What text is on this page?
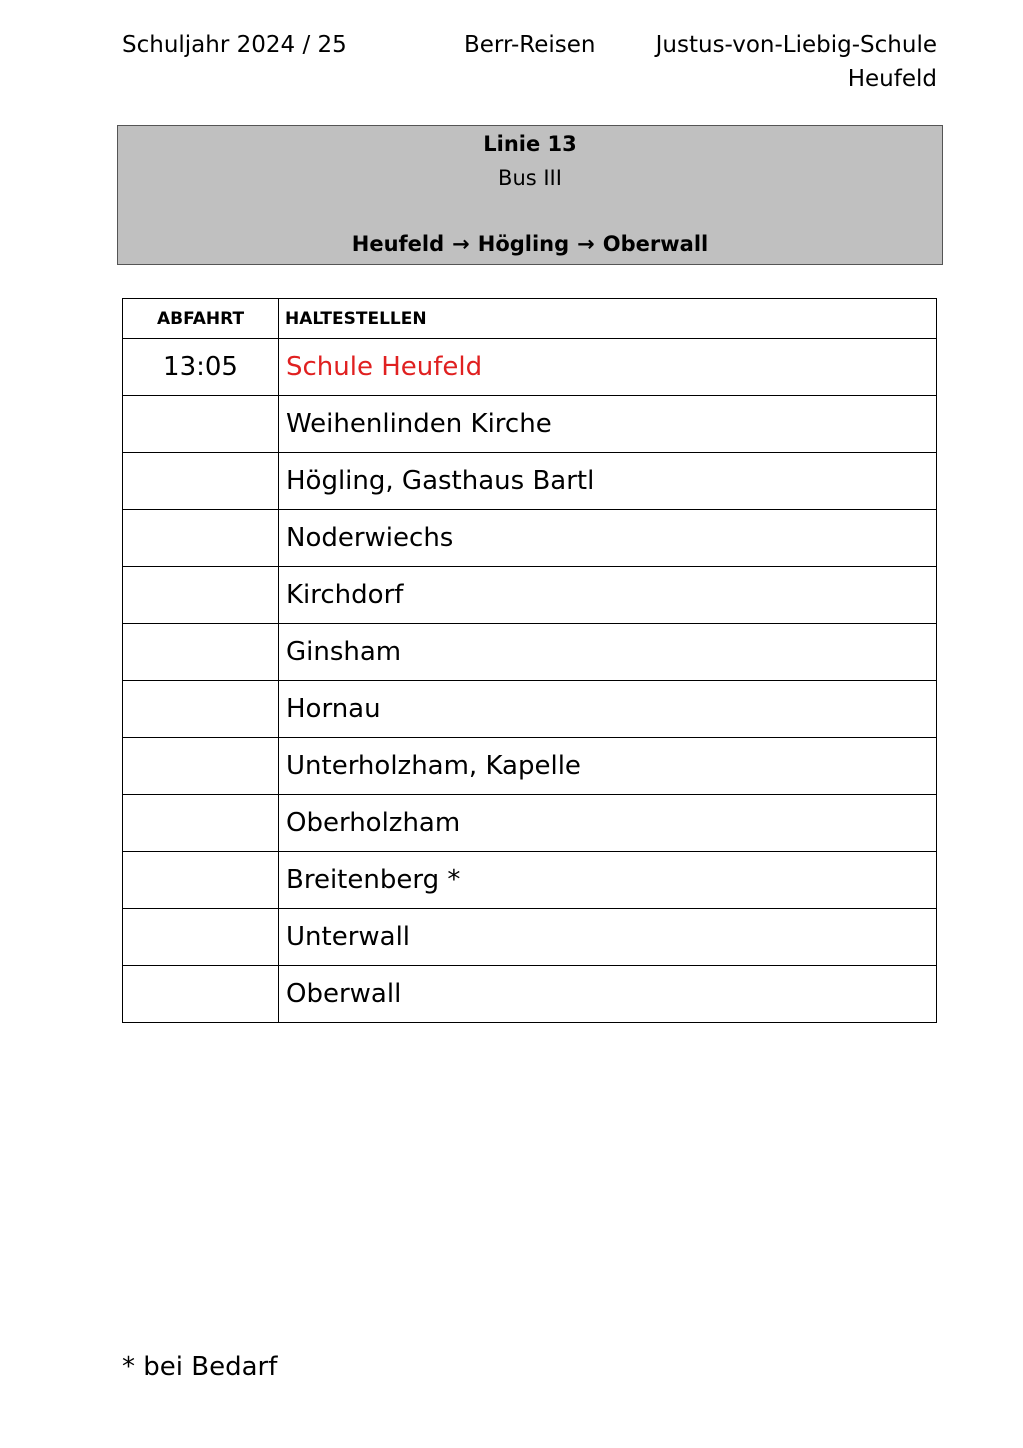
Schuljahr 2024 / 25	Berr-Reisen	Justus-von-Liebig-Schule
Heufeld
Linie 13
Bus III
Heufeld → Högling → Oberwall
ABFAHRT	HALTESTELLEN
13:05	Schule Heufeld
	Weihenlinden Kirche
	Högling, Gasthaus Bartl
	Noderwiechs
	Kirchdorf
	Ginsham
	Hornau
	Unterholzham, Kapelle
	Oberholzham
	Breitenberg *
	Unterwall
	Oberwall
* bei Bedarf
